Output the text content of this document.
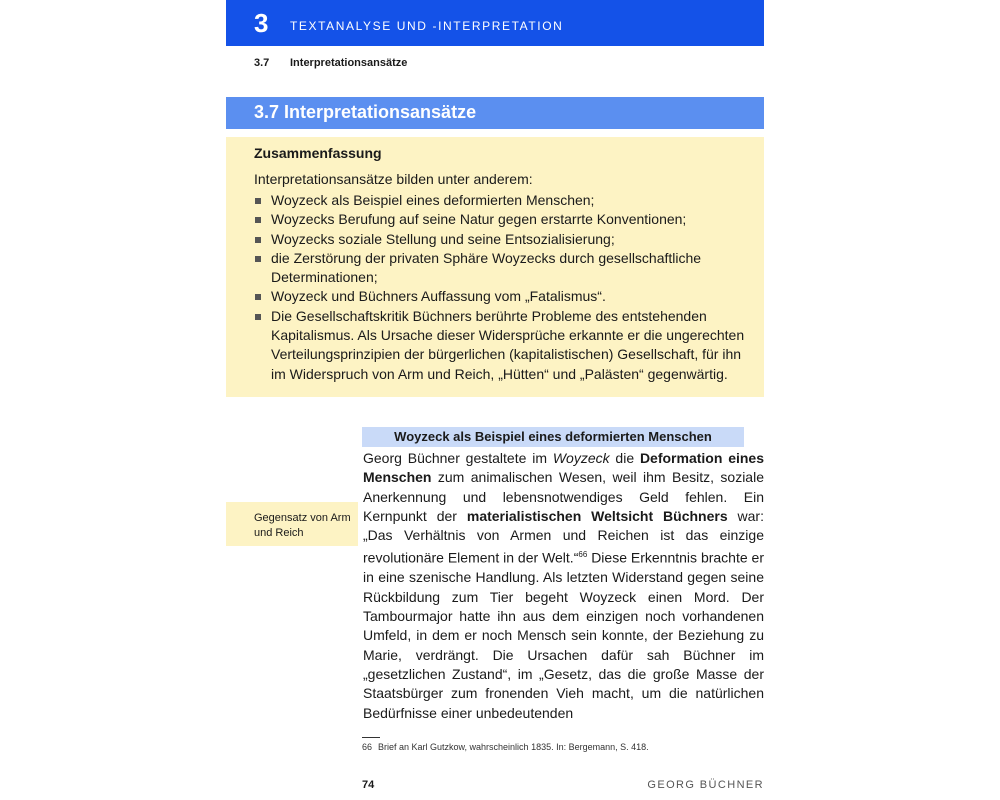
3 TEXTANALYSE UND -INTERPRETATION
3.7 Interpretationsansätze
3.7 Interpretationsansätze
Zusammenfassung
Interpretationsansätze bilden unter anderem:
Woyzeck als Beispiel eines deformierten Menschen;
Woyzecks Berufung auf seine Natur gegen erstarrte Konventionen;
Woyzecks soziale Stellung und seine Entsozialisierung;
die Zerstörung der privaten Sphäre Woyzecks durch gesellschaftliche Determinationen;
Woyzeck und Büchners Auffassung vom „Fatalismus“.
Die Gesellschaftskritik Büchners berührte Probleme des entstehenden Kapitalismus. Als Ursache dieser Widersprüche erkannte er die ungerechten Verteilungsprinzipien der bürgerlichen (kapitalistischen) Gesellschaft, für ihn im Widerspruch von Arm und Reich, „Hütten“ und „Palästen“ gegenwärtig.
Gegensatz von Arm und Reich
Woyzeck als Beispiel eines deformierten Menschen

Georg Büchner gestaltete im Woyzeck die Deformation eines Menschen zum animalischen Wesen, weil ihm Besitz, soziale Anerkennung und lebensnotwendiges Geld fehlen. Ein Kernpunkt der materialistischen Weltsicht Büchners war: „Das Verhältnis von Armen und Reichen ist das einzige revolutionäre Element in der Welt.“$^{66}$ Diese Erkenntnis brachte er in eine szenische Handlung. Als letzten Widerstand gegen seine Rückbildung zum Tier begeht Woyzeck einen Mord. Der Tambourmajor hatte ihn aus dem einzigen noch vorhandenen Umfeld, in dem er noch Mensch sein konnte, der Beziehung zu Marie, verdrängt. Die Ursachen dafür sah Büchner im „gesetzlichen Zustand“, im „Gesetz, das die große Masse der Staatsbürger zum fronenden Vieh macht, um die natürlichen Bedürfnisse einer unbedeutenden

66 Brief an Karl Gutzkow, wahrscheinlich 1835. In: Bergemann, S. 418.
74	GEORG BÜCHNER
